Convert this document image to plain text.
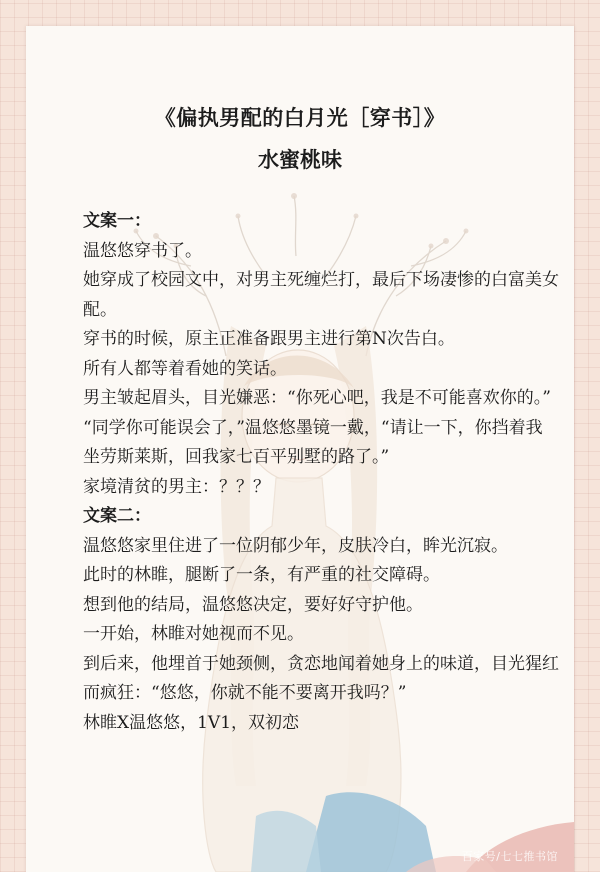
《偏执男配的白月光［穿书］》
水蜜桃味

文案一：

温悠悠穿书了。

她穿成了校园文中，对男主死缠烂打，最后下场凄惨的白富美女配。

穿书的时候，原主正准备跟男主进行第N次告白。

所有人都等着看她的笑话。

男主皱起眉头，目光嫌恶：“你死心吧，我是不可能喜欢你的。”

“同学你可能误会了，”温悠悠墨镜一戴，“请让一下，你挡着我坐劳斯莱斯，回我家七百平别墅的路了。”

家境清贫的男主：？？？

文案二：

温悠悠家里住进了一位阴郁少年，皮肤冷白，眸光沉寂。

此时的林睢，腿断了一条，有严重的社交障碍。

想到他的结局，温悠悠决定，要好好守护他。

一开始，林睢对她视而不见。

到后来，他埋首于她颈侧，贪恋地闻着她身上的味道，目光猩红而疯狂：“悠悠，你就不能不要离开我吗？”

林睢X温悠悠，1V1，双初恋

百家号/七七推书馆
